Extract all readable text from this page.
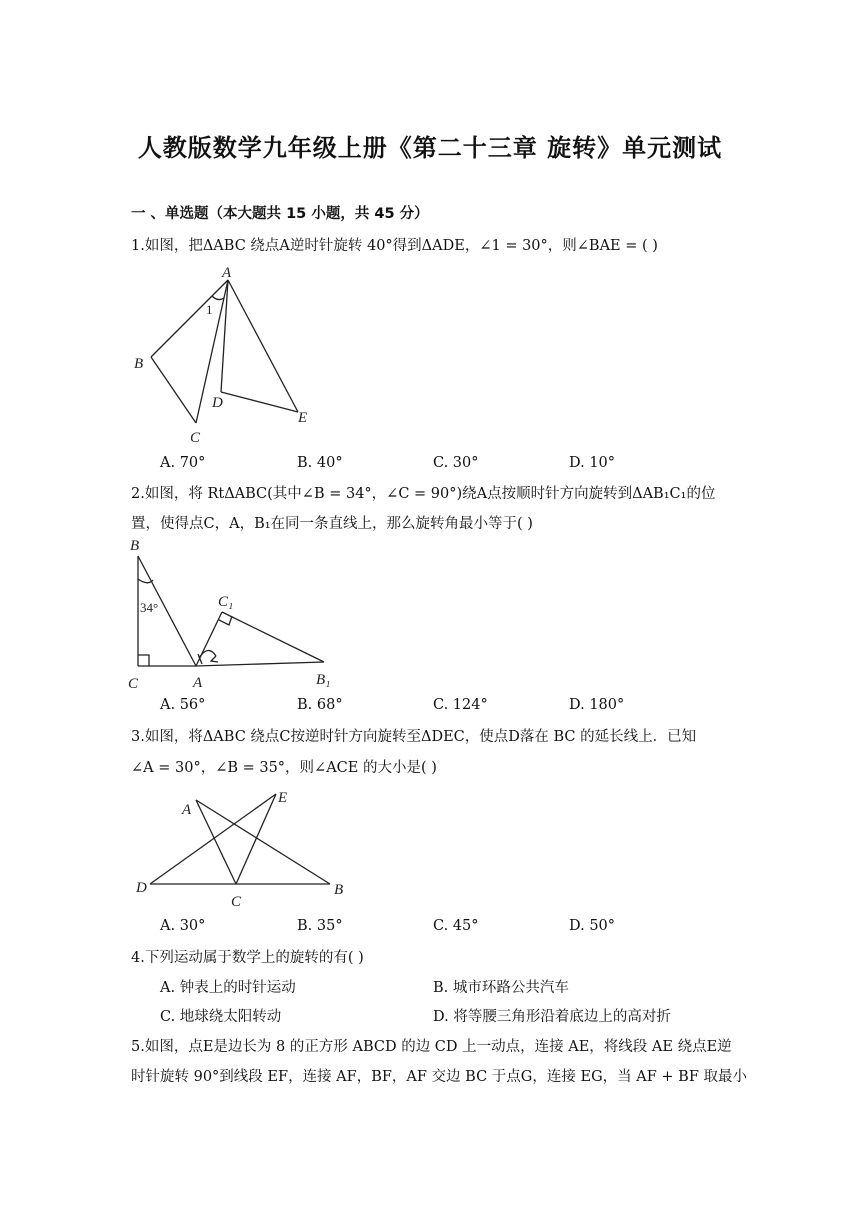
人教版数学九年级上册《第二十三章 旋转》单元测试
一 、单选题（本大题共 15 小题，共 45 分）
1.如图，把ΔABC 绕点A逆时针旋转 40°得到ΔADE，∠1 = 30°，则∠BAE = ( )
A
B
C
D
E
1
A. 70°	B. 40°	C. 30°	D. 10°
2.如图，将 RtΔABC(其中∠B = 34°，∠C = 90°)绕A点按顺时针方向旋转到ΔAB₁C₁的位
置，使得点C，A，B₁在同一条直线上，那么旋转角最小等于( )
B
C	A
C₁
B₁
34°
A. 56°	B. 68°	C. 124°	D. 180°
3.如图，将ΔABC 绕点C按逆时针方向旋转至ΔDEC，使点D落在 BC 的延长线上．已知
∠A = 30°，∠B = 35°，则∠ACE 的大小是( )
A
E
D
C
B
A. 30°	B. 35°	C. 45°	D. 50°
4.下列运动属于数学上的旋转的有( )
A. 钟表上的时针运动	B. 城市环路公共汽车
C. 地球绕太阳转动	D. 将等腰三角形沿着底边上的高对折
5.如图，点E是边长为 8 的正方形 ABCD 的边 CD 上一动点，连接 AE，将线段 AE 绕点E逆
时针旋转 90°到线段 EF，连接 AF，BF，AF 交边 BC 于点G，连接 EG，当 AF + BF 取最小
